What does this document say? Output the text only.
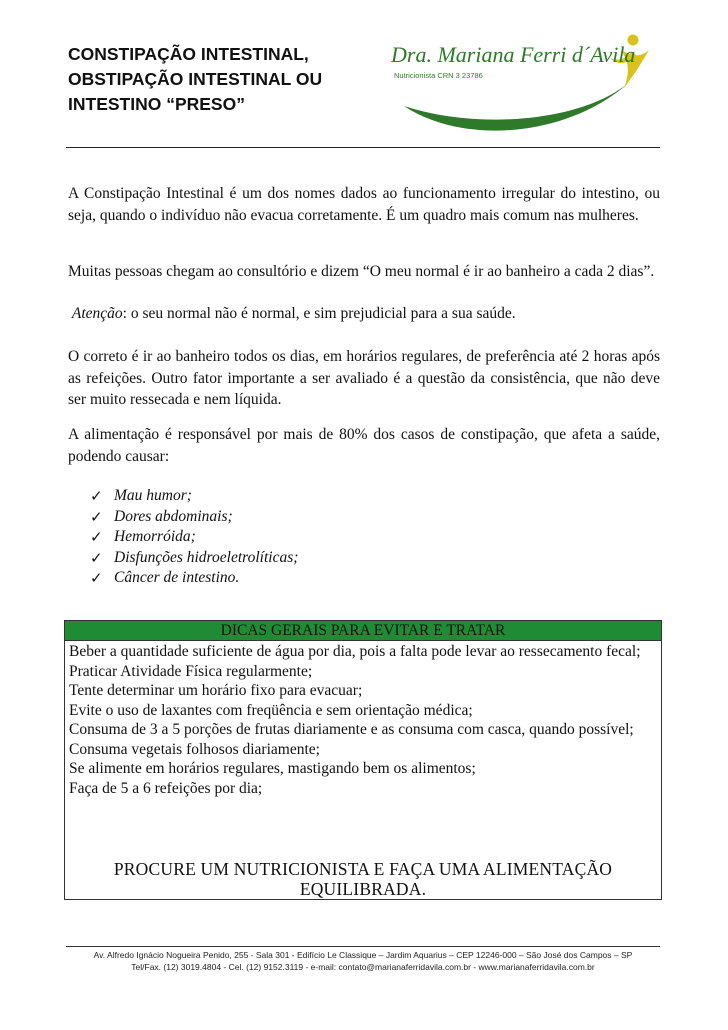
CONSTIPAÇÃO INTESTINAL,
OBSTIPAÇÃO INTESTINAL OU
INTESTINO “PRESO”
Dra. Mariana Ferri d´Avila
Nutricionista CRN 3 23786
A Constipação Intestinal é um dos nomes dados ao funcionamento irregular do intestino, ou seja, quando o indivíduo não evacua corretamente. É um quadro mais comum nas mulheres.
Muitas pessoas chegam ao consultório e dizem “O meu normal é ir ao banheiro a cada 2 dias”.
Atenção: o seu normal não é normal, e sim prejudicial para a sua saúde.
O correto é ir ao banheiro todos os dias, em horários regulares, de preferência até 2 horas após as refeições. Outro fator importante a ser avaliado é a questão da consistência, que não deve ser muito ressecada e nem líquida.
A alimentação é responsável por mais de 80% dos casos de constipação, que afeta a saúde, podendo causar:
✓ Mau humor;
✓ Dores abdominais;
✓ Hemorróida;
✓ Disfunções hidroeletrolíticas;
✓ Câncer de intestino.
DICAS GERAIS PARA EVITAR E TRATAR
Beber a quantidade suficiente de água por dia, pois a falta pode levar ao ressecamento fecal;
Praticar Atividade Física regularmente;
Tente determinar um horário fixo para evacuar;
Evite o uso de laxantes com freqüência e sem orientação médica;
Consuma de 3 a 5 porções de frutas diariamente e as consuma com casca, quando possível;
Consuma vegetais folhosos diariamente;
Se alimente em horários regulares, mastigando bem os alimentos;
Faça de 5 a 6 refeições por dia;
PROCURE UM NUTRICIONISTA E FAÇA UMA ALIMENTAÇÃO EQUILIBRADA.
Av. Alfredo Ignácio Nogueira Penido, 255 - Sala 301 - Edifício Le Classique – Jardim Aquarius – CEP 12246-000 – São José dos Campos – SP
Tel/Fax. (12) 3019.4804 - Cel. (12) 9152.3119 - e-mail: contato@marianaferridavila.com.br - www.marianaferridavila.com.br
